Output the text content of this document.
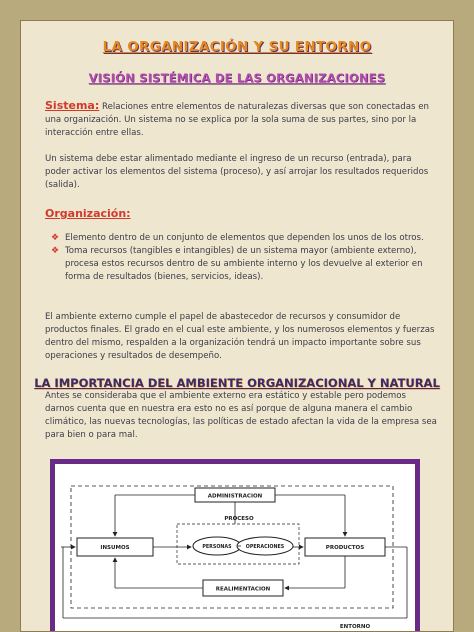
LA ORGANIZACIÓN Y SU ENTORNO
VISIÓN SISTÉMICA DE LAS ORGANIZACIONES

Sistema: Relaciones entre elementos de naturalezas diversas que son conectadas en una organización. Un sistema no se explica por la sola suma de sus partes, sino por la interacción entre ellas.

Un sistema debe estar alimentado mediante el ingreso de un recurso (entrada), para poder activar los elementos del sistema (proceso), y así arrojar los resultados requeridos (salida).

Organización:
❖ Elemento dentro de un conjunto de elementos que dependen los unos de los otros.
❖ Toma recursos (tangibles e intangibles) de un sistema mayor (ambiente externo), procesa estos recursos dentro de su ambiente interno y los devuelve al exterior en forma de resultados (bienes, servicios, ideas).

El ambiente externo cumple el papel de abastecedor de recursos y consumidor de productos finales. El grado en el cual este ambiente, y los numerosos elementos y fuerzas dentro del mismo, respalden a la organización tendrá un impacto importante sobre sus operaciones y resultados de desempeño.

LA IMPORTANCIA DEL AMBIENTE ORGANIZACIONAL Y NATURAL

Antes se consideraba que el ambiente externo era estático y estable pero podemos darnos cuenta que en nuestra era esto no es así porque de alguna manera el cambio climático, las nuevas tecnologías, las políticas de estado afectan la vida de la empresa sea para bien o para mal.

ADMINISTRACION
PROCESO
INSUMOS	PRODUCTOS
PERSONAS	OPERACIONES
REALIMENTACION
ENTORNO
